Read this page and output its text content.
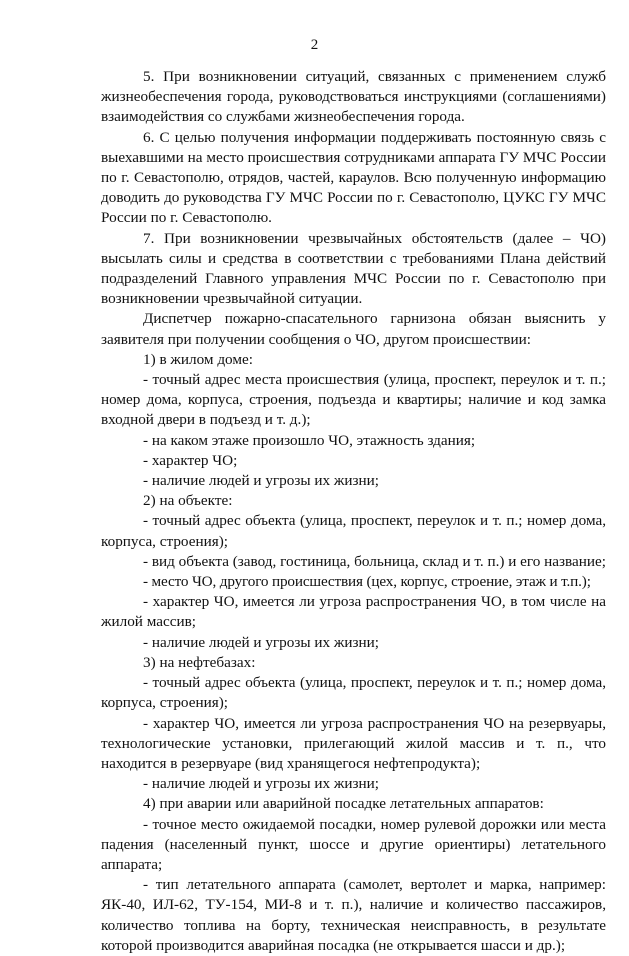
2

5. При возникновении ситуаций, связанных с применением служб жизнеобеспечения города, руководствоваться инструкциями (соглашениями) взаимодействия со службами жизнеобеспечения города.

6. С целью получения информации поддерживать постоянную связь с выехавшими на место происшествия сотрудниками аппарата ГУ МЧС России по г. Севастополю, отрядов, частей, караулов. Всю полученную информацию доводить до руководства ГУ МЧС России по г. Севастополю, ЦУКС ГУ МЧС России по г. Севастополю.

7. При возникновении чрезвычайных обстоятельств (далее – ЧО) высылать силы и средства в соответствии с требованиями Плана действий подразделений Главного управления МЧС России по г. Севастополю при возникновении чрезвычайной ситуации.

Диспетчер пожарно-спасательного гарнизона обязан выяснить у заявителя при получении сообщения о ЧО, другом происшествии:

1) в жилом доме:

- точный адрес места происшествия (улица, проспект, переулок и т. п.; номер дома, корпуса, строения, подъезда и квартиры; наличие и код замка входной двери в подъезд и т. д.);

- на каком этаже произошло ЧО, этажность здания;

- характер ЧО;

- наличие людей и угрозы их жизни;

2) на объекте:

- точный адрес объекта (улица, проспект, переулок и т. п.; номер дома, корпуса, строения);

- вид объекта (завод, гостиница, больница, склад и т. п.) и его название;

- место ЧО, другого происшествия (цех, корпус, строение, этаж и т.п.);

- характер ЧО, имеется ли угроза распространения ЧО, в том числе на жилой массив;

- наличие людей и угрозы их жизни;

3) на нефтебазах:

- точный адрес объекта (улица, проспект, переулок и т. п.; номер дома, корпуса, строения);

- характер ЧО, имеется ли угроза распространения ЧО на резервуары, технологические установки, прилегающий жилой массив и т. п., что находится в резервуаре (вид хранящегося нефтепродукта);

- наличие людей и угрозы их жизни;

4) при аварии или аварийной посадке летательных аппаратов:

- точное место ожидаемой посадки, номер рулевой дорожки или места падения (населенный пункт, шоссе и другие ориентиры) летательного аппарата;

- тип летательного аппарата (самолет, вертолет и марка, например: ЯК-40, ИЛ-62, ТУ-154, МИ-8 и т. п.), наличие и количество пассажиров, количество топлива на борту, техническая неисправность, в результате которой производится аварийная посадка (не открывается шасси и др.);
